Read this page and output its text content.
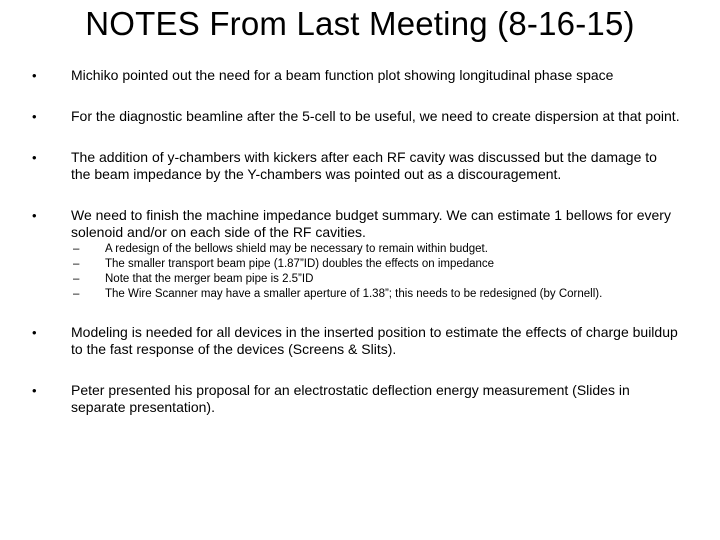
NOTES From Last Meeting (8-16-15)
• Michiko pointed out the need for a beam function plot showing longitudinal phase space
• For the diagnostic beamline after the 5-cell to be useful, we need to create dispersion at that point.
• The addition of y-chambers with kickers after each RF cavity was discussed but the damage to the beam impedance by the Y-chambers was pointed out as a discouragement.
• We need to finish the machine impedance budget summary. We can estimate 1 bellows for every solenoid and/or on each side of the RF cavities.
– A redesign of the bellows shield may be necessary to remain within budget.
– The smaller transport beam pipe (1.87”ID) doubles the effects on impedance
– Note that the merger beam pipe is 2.5”ID
– The Wire Scanner may have a smaller aperture of 1.38”; this needs to be redesigned (by Cornell).
• Modeling is needed for all devices in the inserted position to estimate the effects of charge buildup to the fast response of the devices (Screens & Slits).
• Peter presented his proposal for an electrostatic deflection energy measurement (Slides in separate presentation).
